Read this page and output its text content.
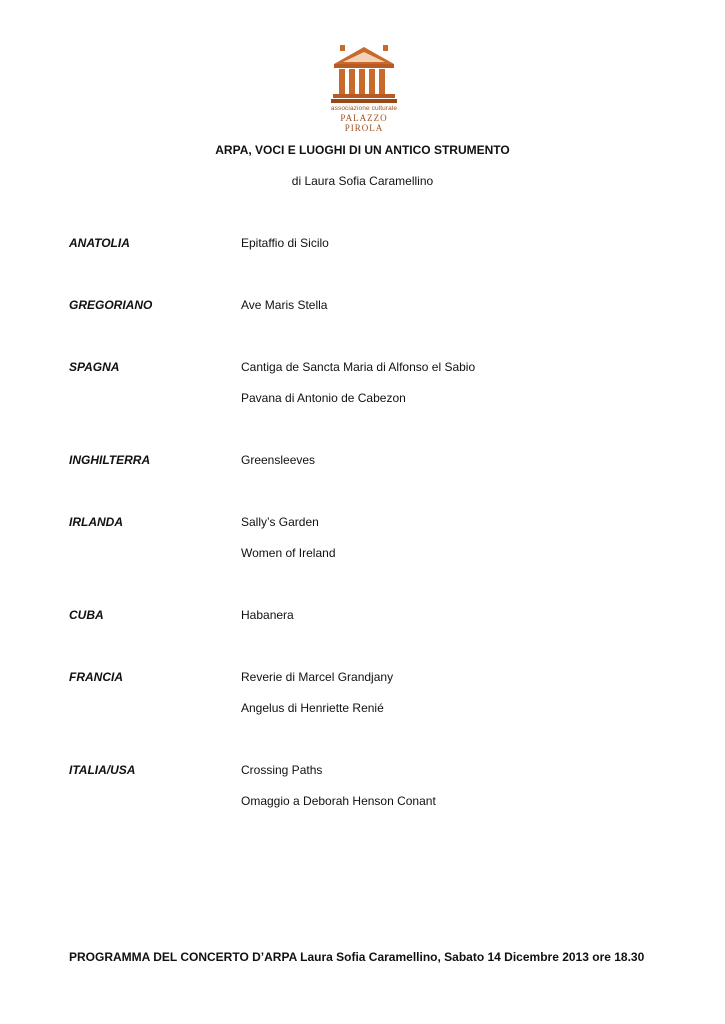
associazione culturale
PALAZZO PIROLA
ARPA, VOCI E LUOGHI DI UN ANTICO STRUMENTO
di Laura Sofia Caramellino
ANATOLIA	Epitaffio di Sicilo
GREGORIANO	Ave Maris Stella
SPAGNA	Cantiga de Sancta Maria di Alfonso el Sabio
Pavana di Antonio de Cabezon
INGHILTERRA	Greensleeves
IRLANDA	Sally’s Garden
Women of Ireland
CUBA	Habanera
FRANCIA	Reverie di Marcel Grandjany
Angelus di Henriette Renié
ITALIA/USA	Crossing Paths
Omaggio a Deborah Henson Conant
PROGRAMMA DEL CONCERTO D’ARPA Laura Sofia Caramellino, Sabato 14 Dicembre 2013 ore 18.30
